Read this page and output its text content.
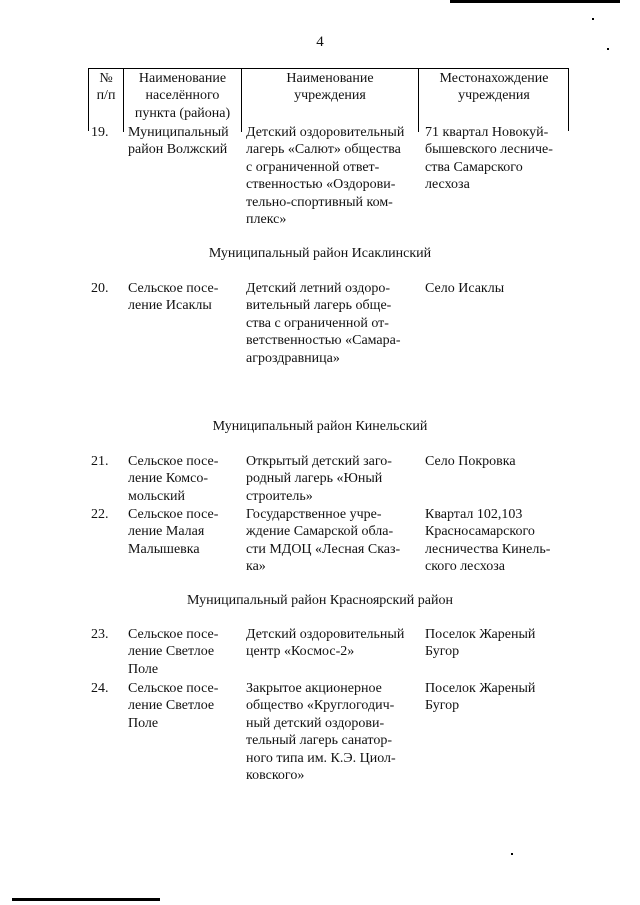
4
№
п/п
Наименование
населённого
пункта (района)
Наименование
учреждения
Местонахождение
учреждения
19. Муниципальный
район Волжский
Детский оздоровительный
лагерь «Салют» общества
с ограниченной ответ-
ственностью «Оздорови-
тельно-спортивный ком-
плекс»
71 квартал Новокуй-
бышевского лесниче-
ства Самарского
лесхоза
Муниципальный район Исаклинский
20. Сельское посе-
ление Исаклы
Детский летний оздоро-
вительный лагерь обще-
ства с ограниченной от-
ветственностью «Самара-
агроздравница»
Село Исаклы
Муниципальный район Кинельский
21. Сельское посе-
ление Комсо-
мольский
Открытый детский заго-
родный лагерь «Юный
строитель»
Село Покровка
22. Сельское посе-
ление Малая
Малышевка
Государственное учре-
ждение Самарской обла-
сти МДОЦ «Лесная Сказ-
ка»
Квартал 102,103
Красносамарского
лесничества Кинель-
ского лесхоза
Муниципальный район Красноярский район
23. Сельское посе-
ление Светлое
Поле
Детский оздоровительный
центр «Космос-2»
Поселок Жареный
Бугор
24. Сельское посе-
ление Светлое
Поле
Закрытое акционерное
общество «Круглогодич-
ный детский оздорови-
тельный лагерь санатор-
ного типа им. К.Э. Циол-
ковского»
Поселок Жареный
Бугор
